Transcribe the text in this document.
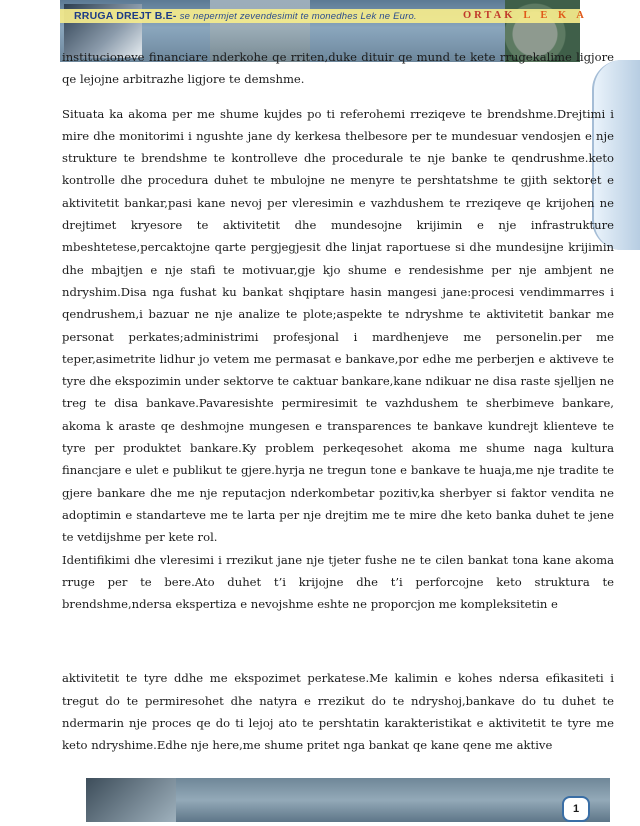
RRUGA DREJT B.E- se nepermjet zevendesimit te monedhes Lek ne Euro.	ORTAK L E K A

institucioneve financiare nderkohe qe rriten,duke dituir qe mund te kete rrugekalime ligjore qe lejojne arbitrazhe ligjore te demshme.

Situata ka akoma per me shume kujdes po ti referohemi rreziqeve te brendshme.Drejtimi i mire dhe monitorimi i ngushte jane dy kerkesa thelbesore per te mundesuar vendosjen e nje strukture te brendshme te kontrolleve dhe procedurale te nje banke te qendrushme.keto kontrolle dhe procedura duhet te mbulojne ne menyre te pershtatshme te gjith sektoret e aktivitetit bankar,pasi kane nevoj per vleresimin e vazhdushem te rreziqeve qe krijohen ne drejtimet kryesore te aktivitetit dhe mundesojne krijimin e nje infrastrukture mbeshtetese,percaktojne qarte pergjegjesit dhe linjat raportuese si dhe mundesijne krijimin dhe mbajtjen e nje stafi te motivuar,gje kjo shume e rendesishme per nje ambjent ne ndryshim.Disa nga fushat ku bankat shqiptare hasin mangesi jane:procesi vendimmarres i qendrushem,i bazuar ne nje analize te plote;aspekte te ndryshme te aktivitetit bankar me personat perkates;administrimi profesjonal i mardhenjeve me personelin.per me teper,asimetrite lidhur jo vetem me permasat e bankave,por edhe me perberjen e aktiveve te tyre dhe ekspozimin under sektorve te caktuar bankare,kane ndikuar ne disa raste sjelljen ne treg te disa bankave.Pavaresishte permiresimit te vazhdushem te sherbimeve bankare, akoma k araste qe deshmojne mungesen e transparences te bankave kundrejt klienteve te tyre per produktet bankare.Ky problem perkeqesohet akoma me shume naga kultura financjare e ulet e publikut te gjere.hyrja ne tregun tone e bankave te huaja,me nje tradite te gjere bankare dhe me nje reputacjon nderkombetar pozitiv,ka sherbyer si faktor vendita ne adoptimin e standarteve me te larta per nje drejtim me te mire dhe keto banka duhet te jene te vetdijshme per kete rol.

Identifikimi dhe vleresimi i rrezikut jane nje tjeter fushe ne te cilen bankat tona kane akoma rruge per te bere.Ato duhet t’i krijojne dhe t’i perforcojne keto struktura te brendshme,ndersa ekspertiza e nevojshme eshte ne proporcjon me kompleksitetin e

aktivitetit te tyre ddhe me ekspozimet perkatese.Me kalimin e kohes ndersa efikasiteti i tregut do te permiresohet dhe natyra e rrezikut do te ndryshoj,bankave do tu duhet te ndermarin nje proces qe do ti lejoj ato te pershtatin karakteristikat e aktivitetit te tyre me keto ndryshime.Edhe nje here,me shume pritet nga bankat qe kane qene me aktive

1
